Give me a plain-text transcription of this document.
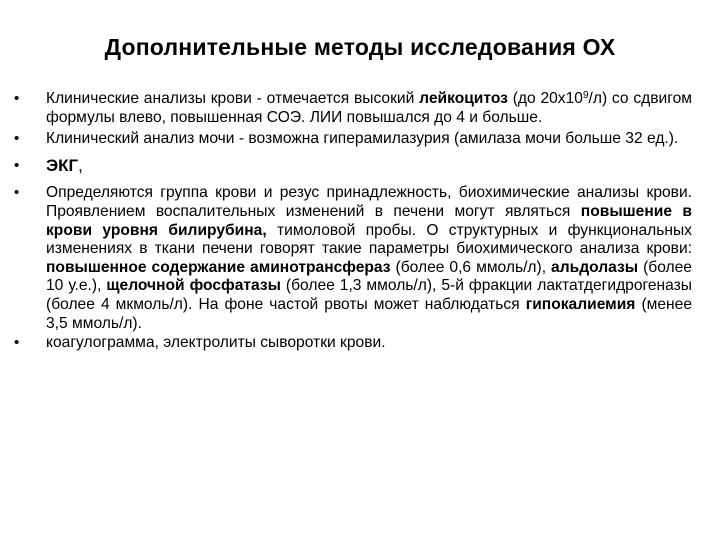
Дополнительные методы исследования ОХ
• Клинические анализы крови - отмечается высокий лейкоцитоз (до $20х10^9/л$) со сдвигом формулы влево, повышенная СОЭ. ЛИИ повышался до 4 и больше.
• Клинический анализ мочи - возможна гиперамилазурия (амилаза мочи больше 32 ед.).
• ЭКГ,
• Определяются группа крови и резус принадлежность, биохимические анализы крови. Проявлением воспалительных изменений в печени могут являться повышение в крови уровня билирубина, тимоловой пробы. О структурных и функциональных изменениях в ткани печени говорят такие параметры биохимического анализа крови: повышенное содержание аминотрансфераз (более 0,6 ммоль/л), альдолазы (более 10 у.е.), щелочной фосфатазы (более 1,3 ммоль/л), 5-й фракции лактатдегидрогеназы (более 4 мкмоль/л). На фоне частой рвоты может наблюдаться гипокалиемия (менее 3,5 ммоль/л).
• коагулограмма, электролиты сыворотки крови.
